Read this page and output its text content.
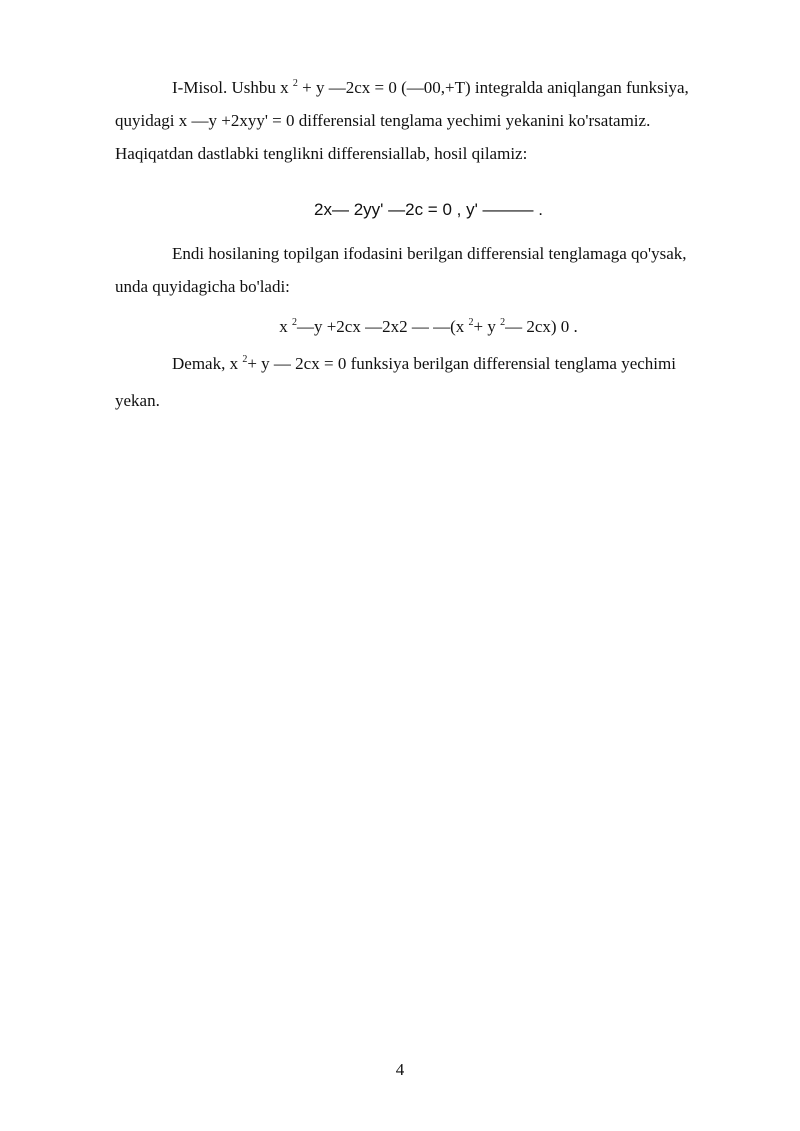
I-Misol. Ushbu x $^2$ + y —2cx = 0 (—00,+T) integralda aniqlangan funksiya,

quyidagi x —y +2xyy' = 0 differensial tenglama yechimi yekanini ko'rsatamiz.

Haqiqatdan dastlabki tenglikni differensiallab, hosil qilamiz:

2x— 2yy' —2c = 0 , y' ——— .

Endi hosilaning topilgan ifodasini berilgan differensial tenglamaga qo'ysak,

unda quyidagicha bo'ladi:

x $^2$—y +2cx —2x2 — —(x $^2$+ y $^2$— 2cx) 0 .

Demak, x $^2$+ y — 2cx = 0 funksiya berilgan differensial tenglama yechimi

yekan.

4
